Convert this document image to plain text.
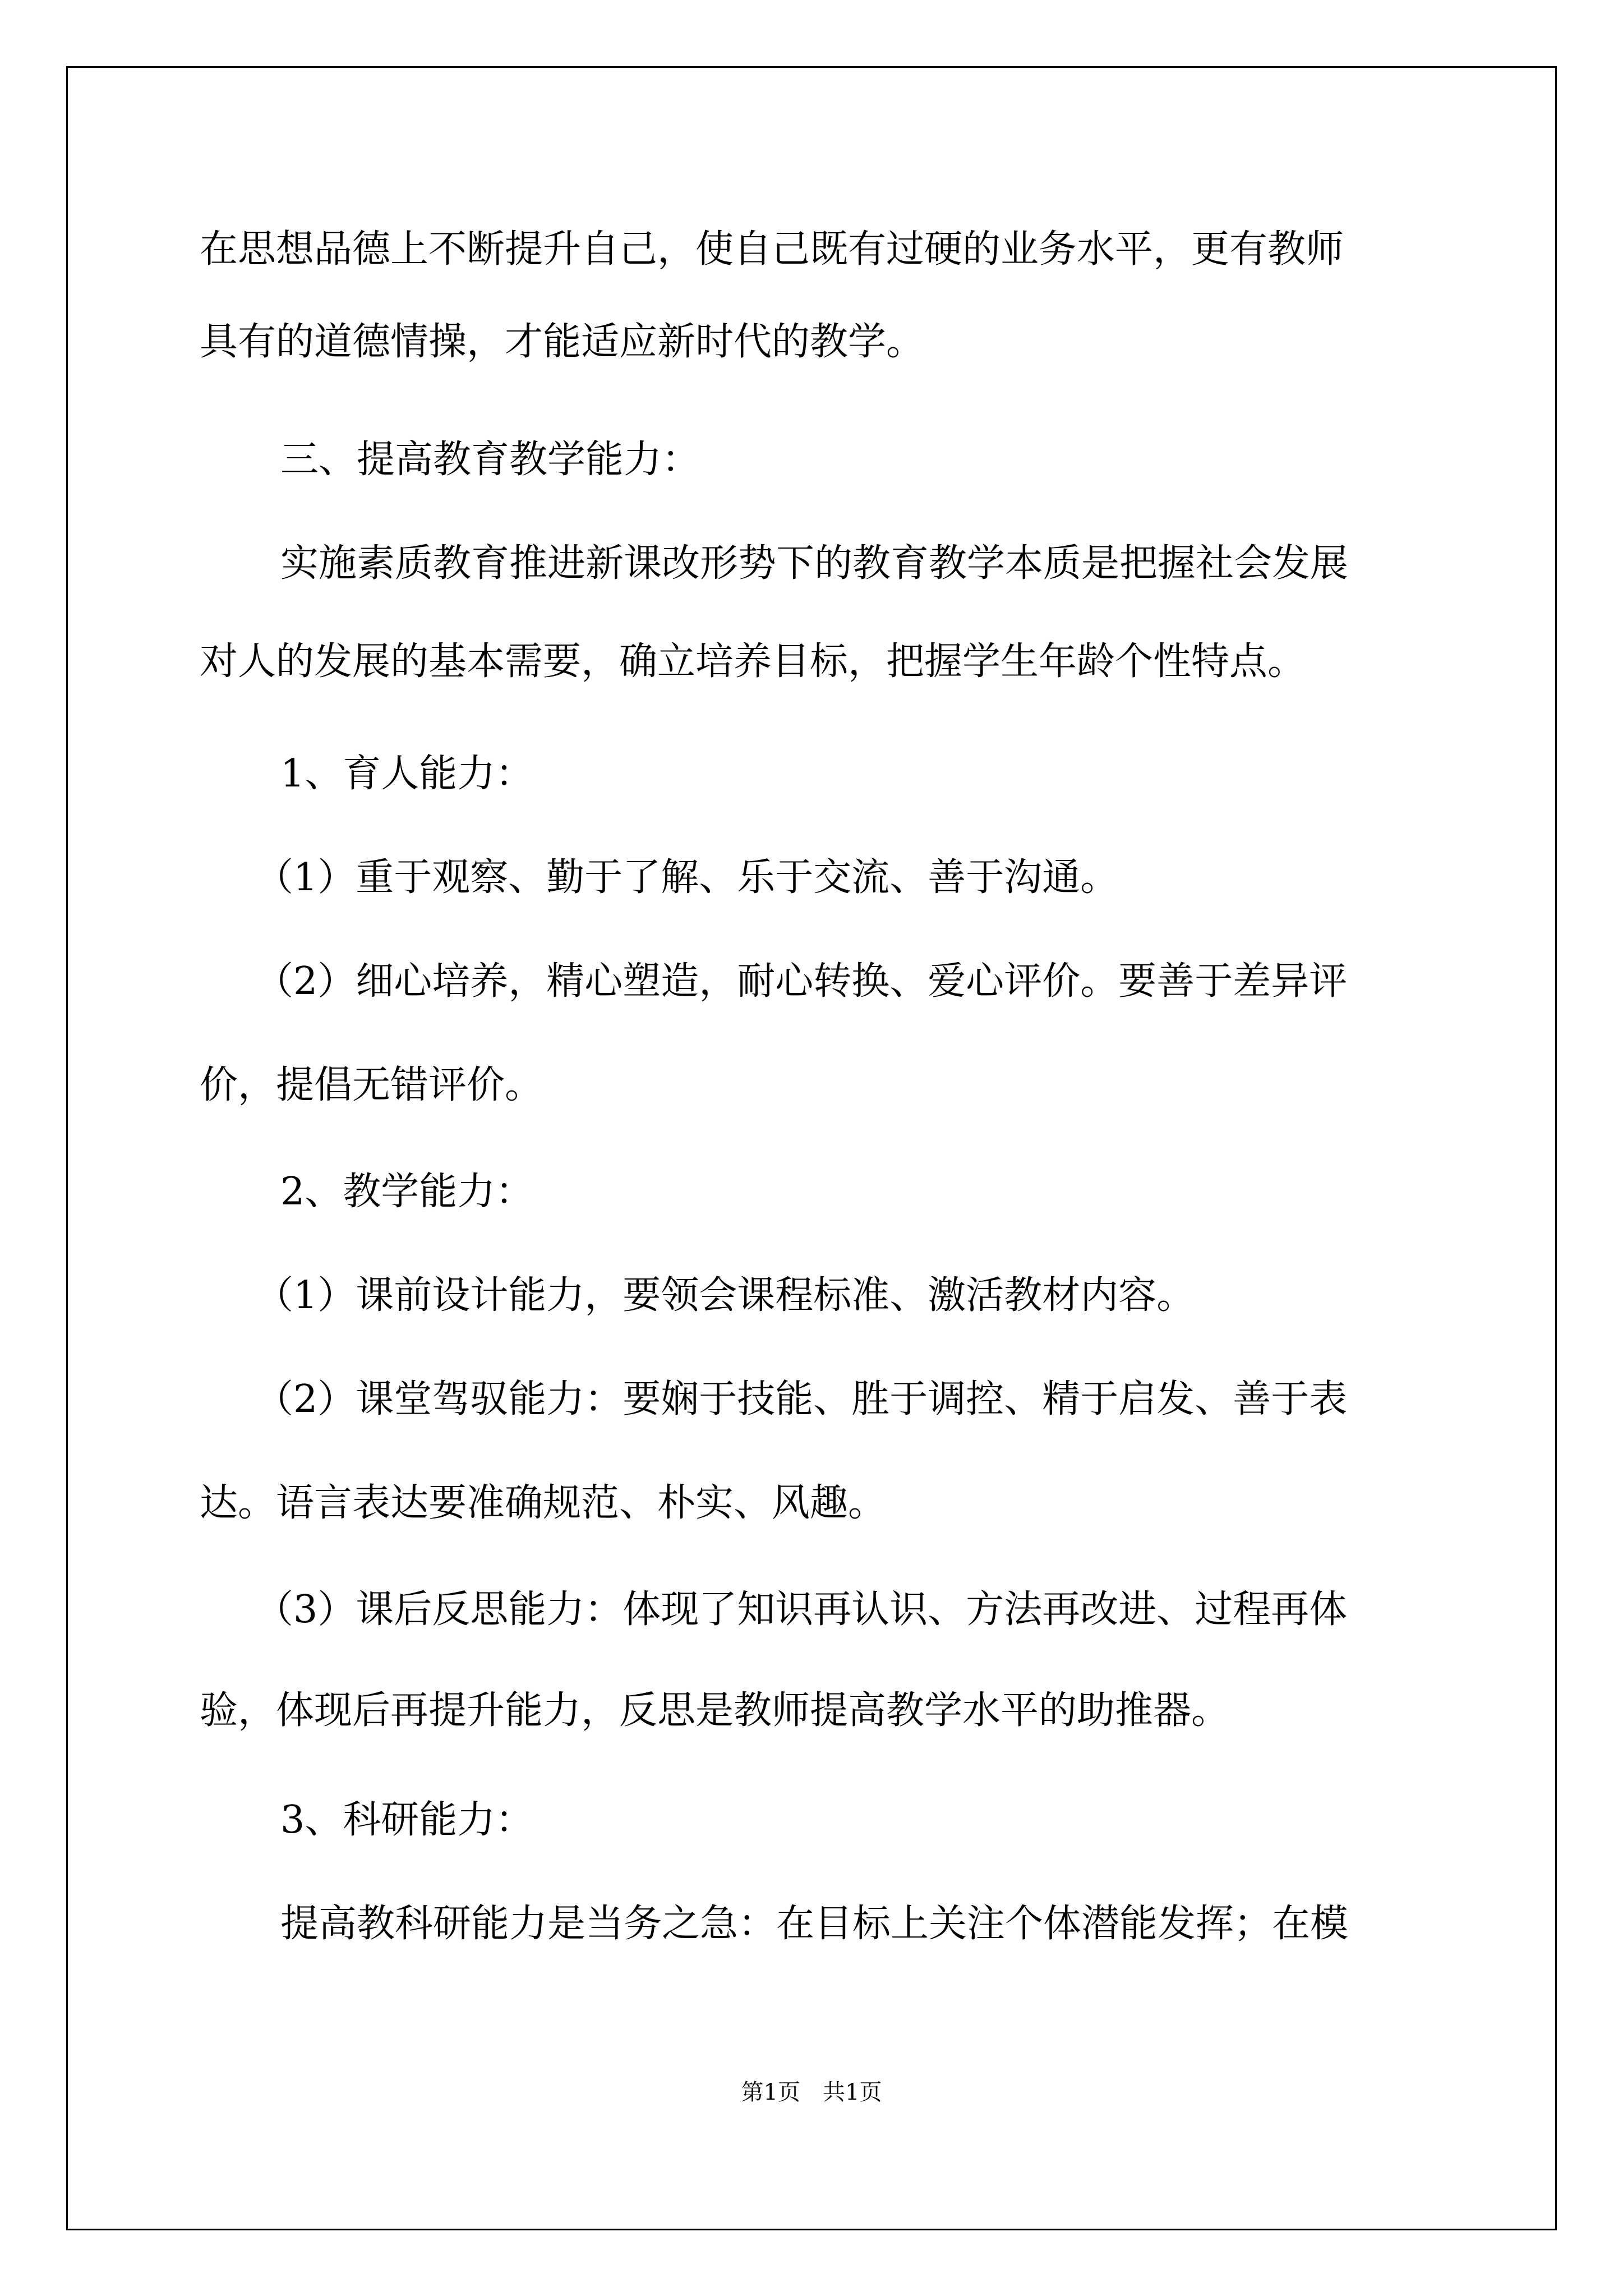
在思想品德上不断提升自己，使自己既有过硬的业务水平，更有教师
具有的道德情操，才能适应新时代的教学。
三、提高教育教学能力：
实施素质教育推进新课改形势下的教育教学本质是把握社会发展
对人的发展的基本需要，确立培养目标，把握学生年龄个性特点。
1、育人能力：
（1）重于观察、勤于了解、乐于交流、善于沟通。
（2）细心培养，精心塑造，耐心转换、爱心评价。要善于差异评
价，提倡无错评价。
2、教学能力：
（1）课前设计能力，要领会课程标准、激活教材内容。
（2）课堂驾驭能力：要娴于技能、胜于调控、精于启发、善于表
达。语言表达要准确规范、朴实、风趣。
（3）课后反思能力：体现了知识再认识、方法再改进、过程再体
验，体现后再提升能力，反思是教师提高教学水平的助推器。
3、科研能力：
提高教科研能力是当务之急：在目标上关注个体潜能发挥；在模
第1页　共1页
